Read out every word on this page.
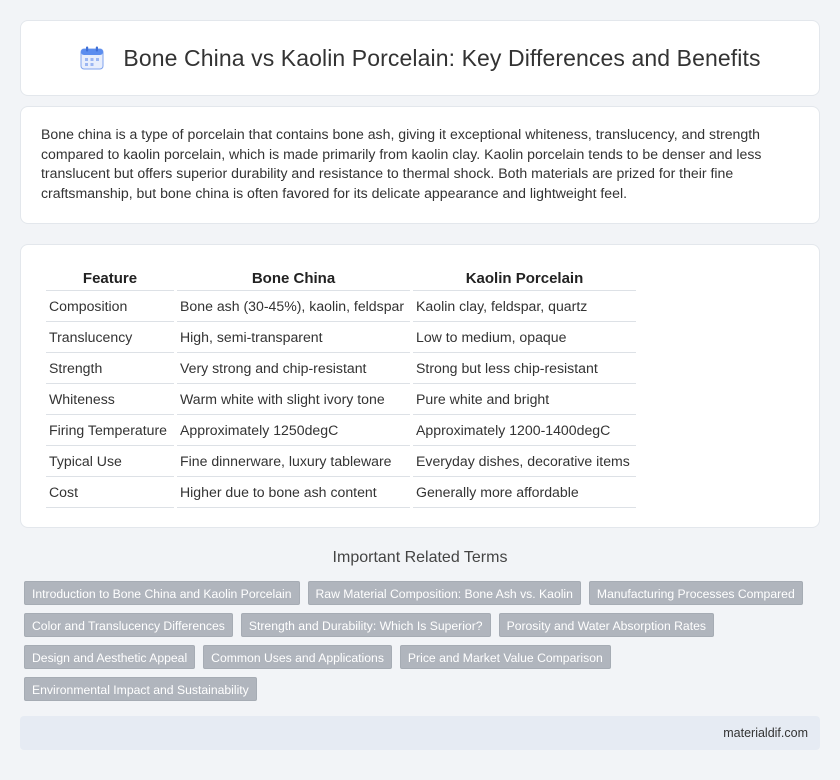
Bone China vs Kaolin Porcelain: Key Differences and Benefits

Bone china is a type of porcelain that contains bone ash, giving it exceptional whiteness, translucency, and strength compared to kaolin porcelain, which is made primarily from kaolin clay. Kaolin porcelain tends to be denser and less translucent but offers superior durability and resistance to thermal shock. Both materials are prized for their fine craftsmanship, but bone china is often favored for its delicate appearance and lightweight feel.

Feature	Bone China	Kaolin Porcelain
Composition	Bone ash (30-45%), kaolin, feldspar	Kaolin clay, feldspar, quartz
Translucency	High, semi-transparent	Low to medium, opaque
Strength	Very strong and chip-resistant	Strong but less chip-resistant
Whiteness	Warm white with slight ivory tone	Pure white and bright
Firing Temperature	Approximately 1250degC	Approximately 1200-1400degC
Typical Use	Fine dinnerware, luxury tableware	Everyday dishes, decorative items
Cost	Higher due to bone ash content	Generally more affordable
Important Related Terms
Introduction to Bone China and Kaolin Porcelain	Raw Material Composition: Bone Ash vs. Kaolin	Manufacturing Processes Compared
Color and Translucency Differences	Strength and Durability: Which Is Superior?	Porosity and Water Absorption Rates
Design and Aesthetic Appeal	Common Uses and Applications	Price and Market Value Comparison
Environmental Impact and Sustainability
materialdif.com
